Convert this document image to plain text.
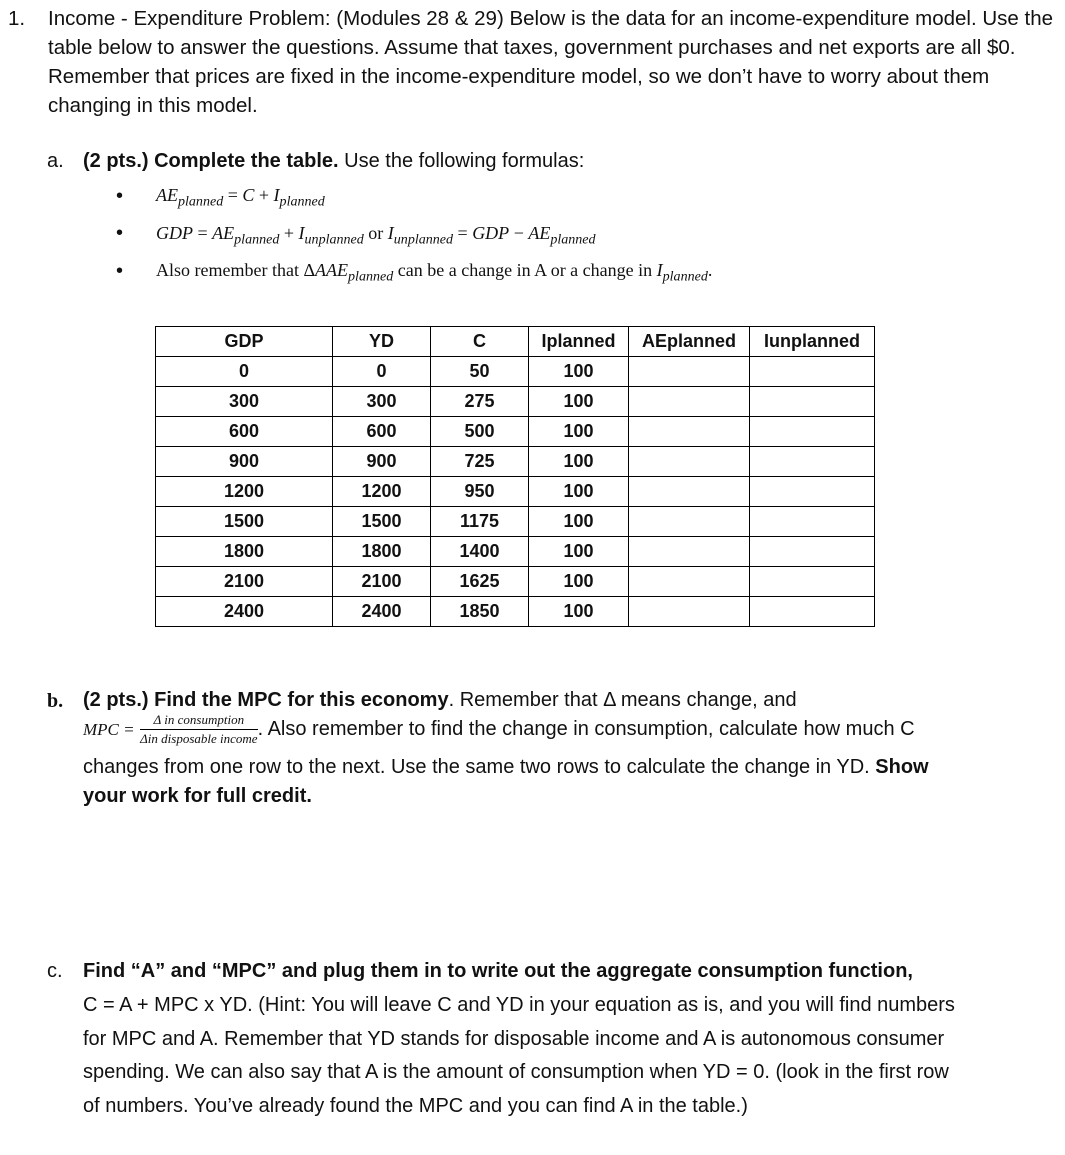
1. Income - Expenditure Problem: (Modules 28 & 29) Below is the data for an income-expenditure model. Use the table below to answer the questions. Assume that taxes, government purchases and net exports are all $0. Remember that prices are fixed in the income-expenditure model, so we don’t have to worry about them changing in this model.
a. (2 pts.) Complete the table. Use the following formulas:
•
•
•
$AE_{planned} = C + I_{planned}$
GDP = $AE_{planned} + I_{unplanned}$ or $I_{unplanned}$ = GDP − $AE_{planned}$
Also remember that $\Delta AAE_{planned}$ can be a change in A or a change in $I_{planned}$.
GDP	YD	C	Iplanned	AEplanned	Iunplanned
0	0	50	100		
300	300	275	100		
600	600	500	100		
900	900	725	100		
1200	1200	950	100		
1500	1500	1175	100		
1800	1800	1400	100		
2100	2100	1625	100		
2400	2400	1850	100		
b. (2 pts.) Find the MPC for this economy. Remember that Δ means change, and
MPC = $\frac{\text{Δ in consumption}}{\text{Δin disposable income}}$ . Also remember to find the change in consumption, calculate how much C
changes from one row to the next. Use the same two rows to calculate the change in YD. Show
your work for full credit.
c. Find “A” and “MPC” and plug them in to write out the aggregate consumption function,
C = A + MPC x YD. (Hint: You will leave C and YD in your equation as is, and you will find numbers
for MPC and A. Remember that YD stands for disposable income and A is autonomous consumer
spending. We can also say that A is the amount of consumption when YD = 0. (look in the first row
of numbers. You’ve already found the MPC and you can find A in the table.)
